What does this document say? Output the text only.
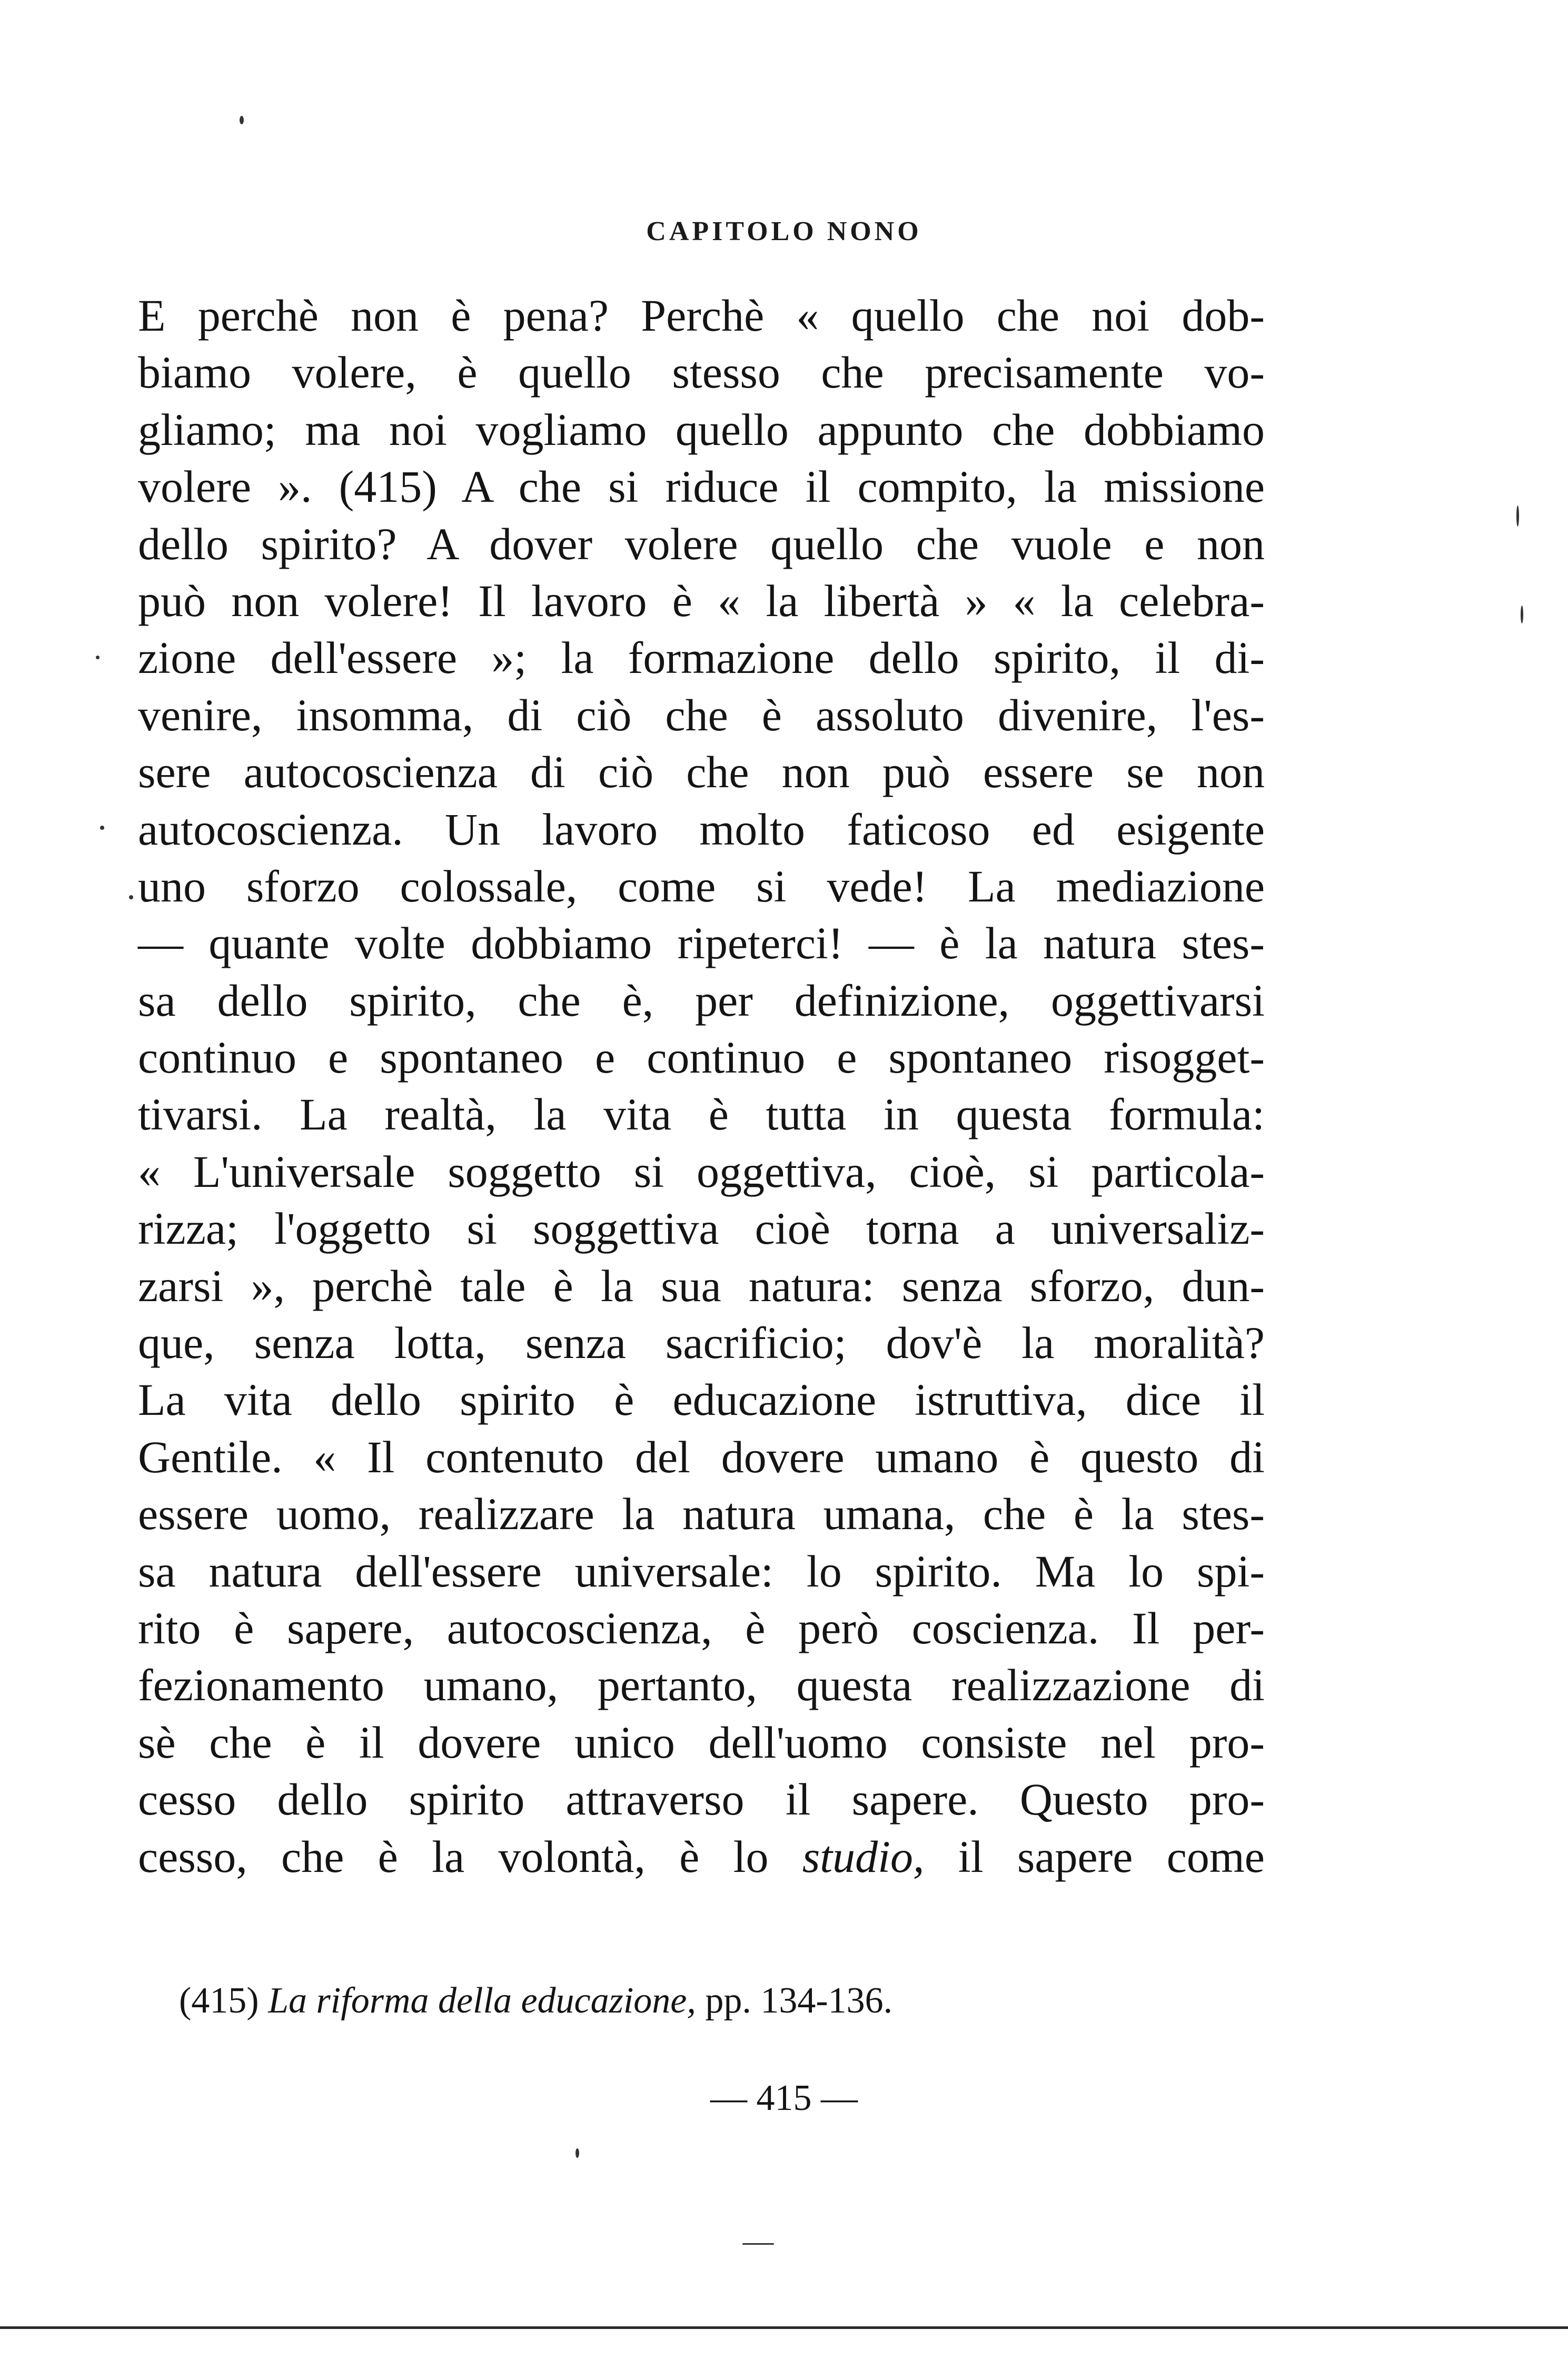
CAPITOLO NONO
E perchè non è pena? Perchè « quello che noi dob-
biamo volere, è quello stesso che precisamente vo-
gliamo; ma noi vogliamo quello appunto che dobbiamo
volere ». (415) A che si riduce il compito, la missione
dello spirito? A dover volere quello che vuole e non
può non volere! Il lavoro è « la libertà » « la celebra-
zione dell'essere »; la formazione dello spirito, il di-
venire, insomma, di ciò che è assoluto divenire, l'es-
sere autocoscienza di ciò che non può essere se non
autocoscienza. Un lavoro molto faticoso ed esigente
uno sforzo colossale, come si vede! La mediazione
— quante volte dobbiamo ripeterci! — è la natura stes-
sa dello spirito, che è, per definizione, oggettivarsi
continuo e spontaneo e continuo e spontaneo risogget-
tivarsi. La realtà, la vita è tutta in questa formula:
« L'universale soggetto si oggettiva, cioè, si particola-
rizza; l'oggetto si soggettiva cioè torna a universaliz-
zarsi », perchè tale è la sua natura: senza sforzo, dun-
que, senza lotta, senza sacrificio; dov'è la moralità?
La vita dello spirito è educazione istruttiva, dice il
Gentile. « Il contenuto del dovere umano è questo di
essere uomo, realizzare la natura umana, che è la stes-
sa natura dell'essere universale: lo spirito. Ma lo spi-
rito è sapere, autocoscienza, è però coscienza. Il per-
fezionamento umano, pertanto, questa realizzazione di
sè che è il dovere unico dell'uomo consiste nel pro-
cesso dello spirito attraverso il sapere. Questo pro-
cesso, che è la volontà, è lo studio, il sapere come
(415) La riforma della educazione, pp. 134-136.
— 415 —
